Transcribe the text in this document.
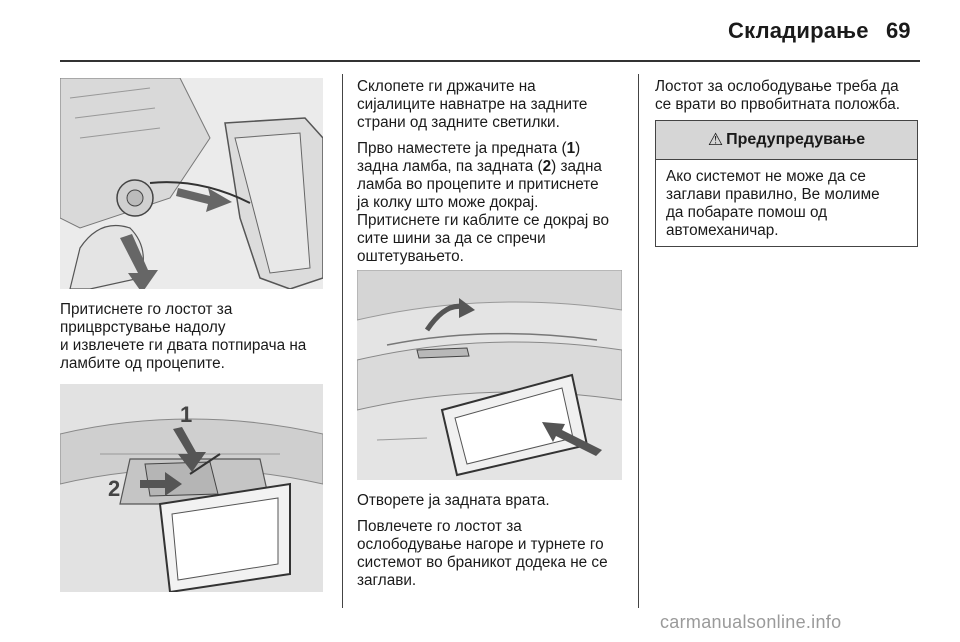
Складирање 69

Притиснете го лостот за
прицврстување надолу
и извлечете ги двата потпирача на
ламбите од процепите.

1
2

Склопете ги држачите на
сијалиците навнатре на задните
страни од задните светилки.

Прво наместете ја предната (1)
задна ламба, па задната (2) задна
ламба во процепите и притиснете
ја колку што може докрај.
Притиснете ги каблите се докрај во
сите шини за да се спречи
оштетувањето.

Отворете ја задната врата.

Повлечете го лостот за
ослободување нагоре и турнете го
системот во браникот додека не се
заглави.

Лостот за ослободување треба да
се врати во првобитната положба.

⚠ Предупредување

Ако системот не може да се
заглави правилно, Ве молиме
да побарате помош од
автомеханичар.

carmanualsonline.info
